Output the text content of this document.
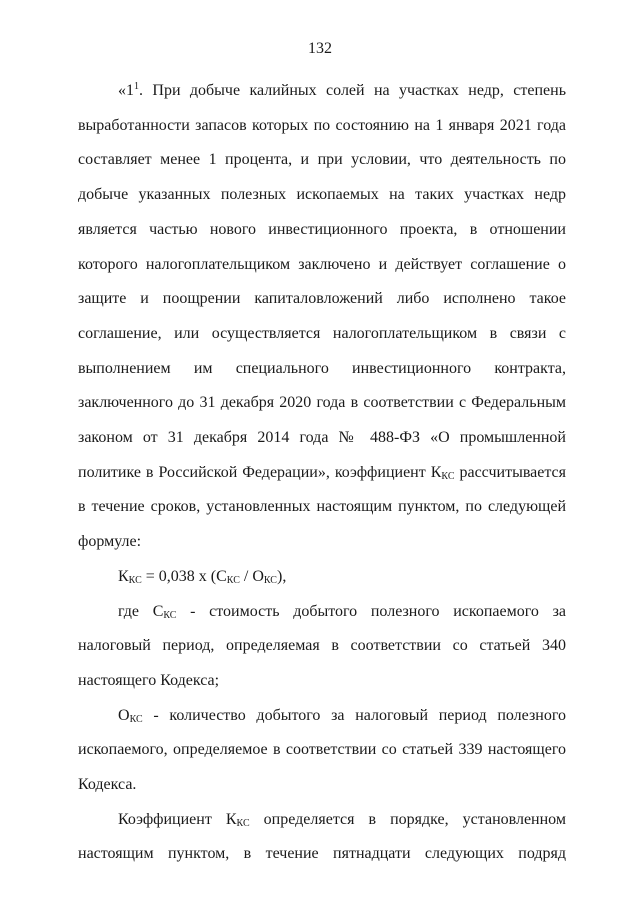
132

«$1^1$. При добыче калийных солей на участках недр, степень выработанности запасов которых по состоянию на 1 января 2021 года составляет менее 1 процента, и при условии, что деятельность по добыче указанных полезных ископаемых на таких участках недр является частью нового инвестиционного проекта, в отношении которого налогоплательщиком заключено и действует соглашение о защите и поощрении капиталовложений либо исполнено такое соглашение, или осуществляется налогоплательщиком в связи с выполнением им специального инвестиционного контракта, заключенного до 31 декабря 2020 года в соответствии с Федеральным законом от 31 декабря 2014 года № 488-ФЗ «О промышленной политике в Российской Федерации», коэффициент $К_{КС}$ рассчитывается в течение сроков, установленных настоящим пунктом, по следующей формуле:

$К_{КС} = 0,038$ х $(С_{КС} / О_{КС})$,

где $С_{КС}$ - стоимость добытого полезного ископаемого за налоговый период, определяемая в соответствии со статьей 340 настоящего Кодекса;

$О_{КС}$ - количество добытого за налоговый период полезного ископаемого, определяемое в соответствии со статьей 339 настоящего Кодекса.

Коэффициент $К_{КС}$ определяется в порядке, установленном настоящим пунктом, в течение пятнадцати следующих подряд
